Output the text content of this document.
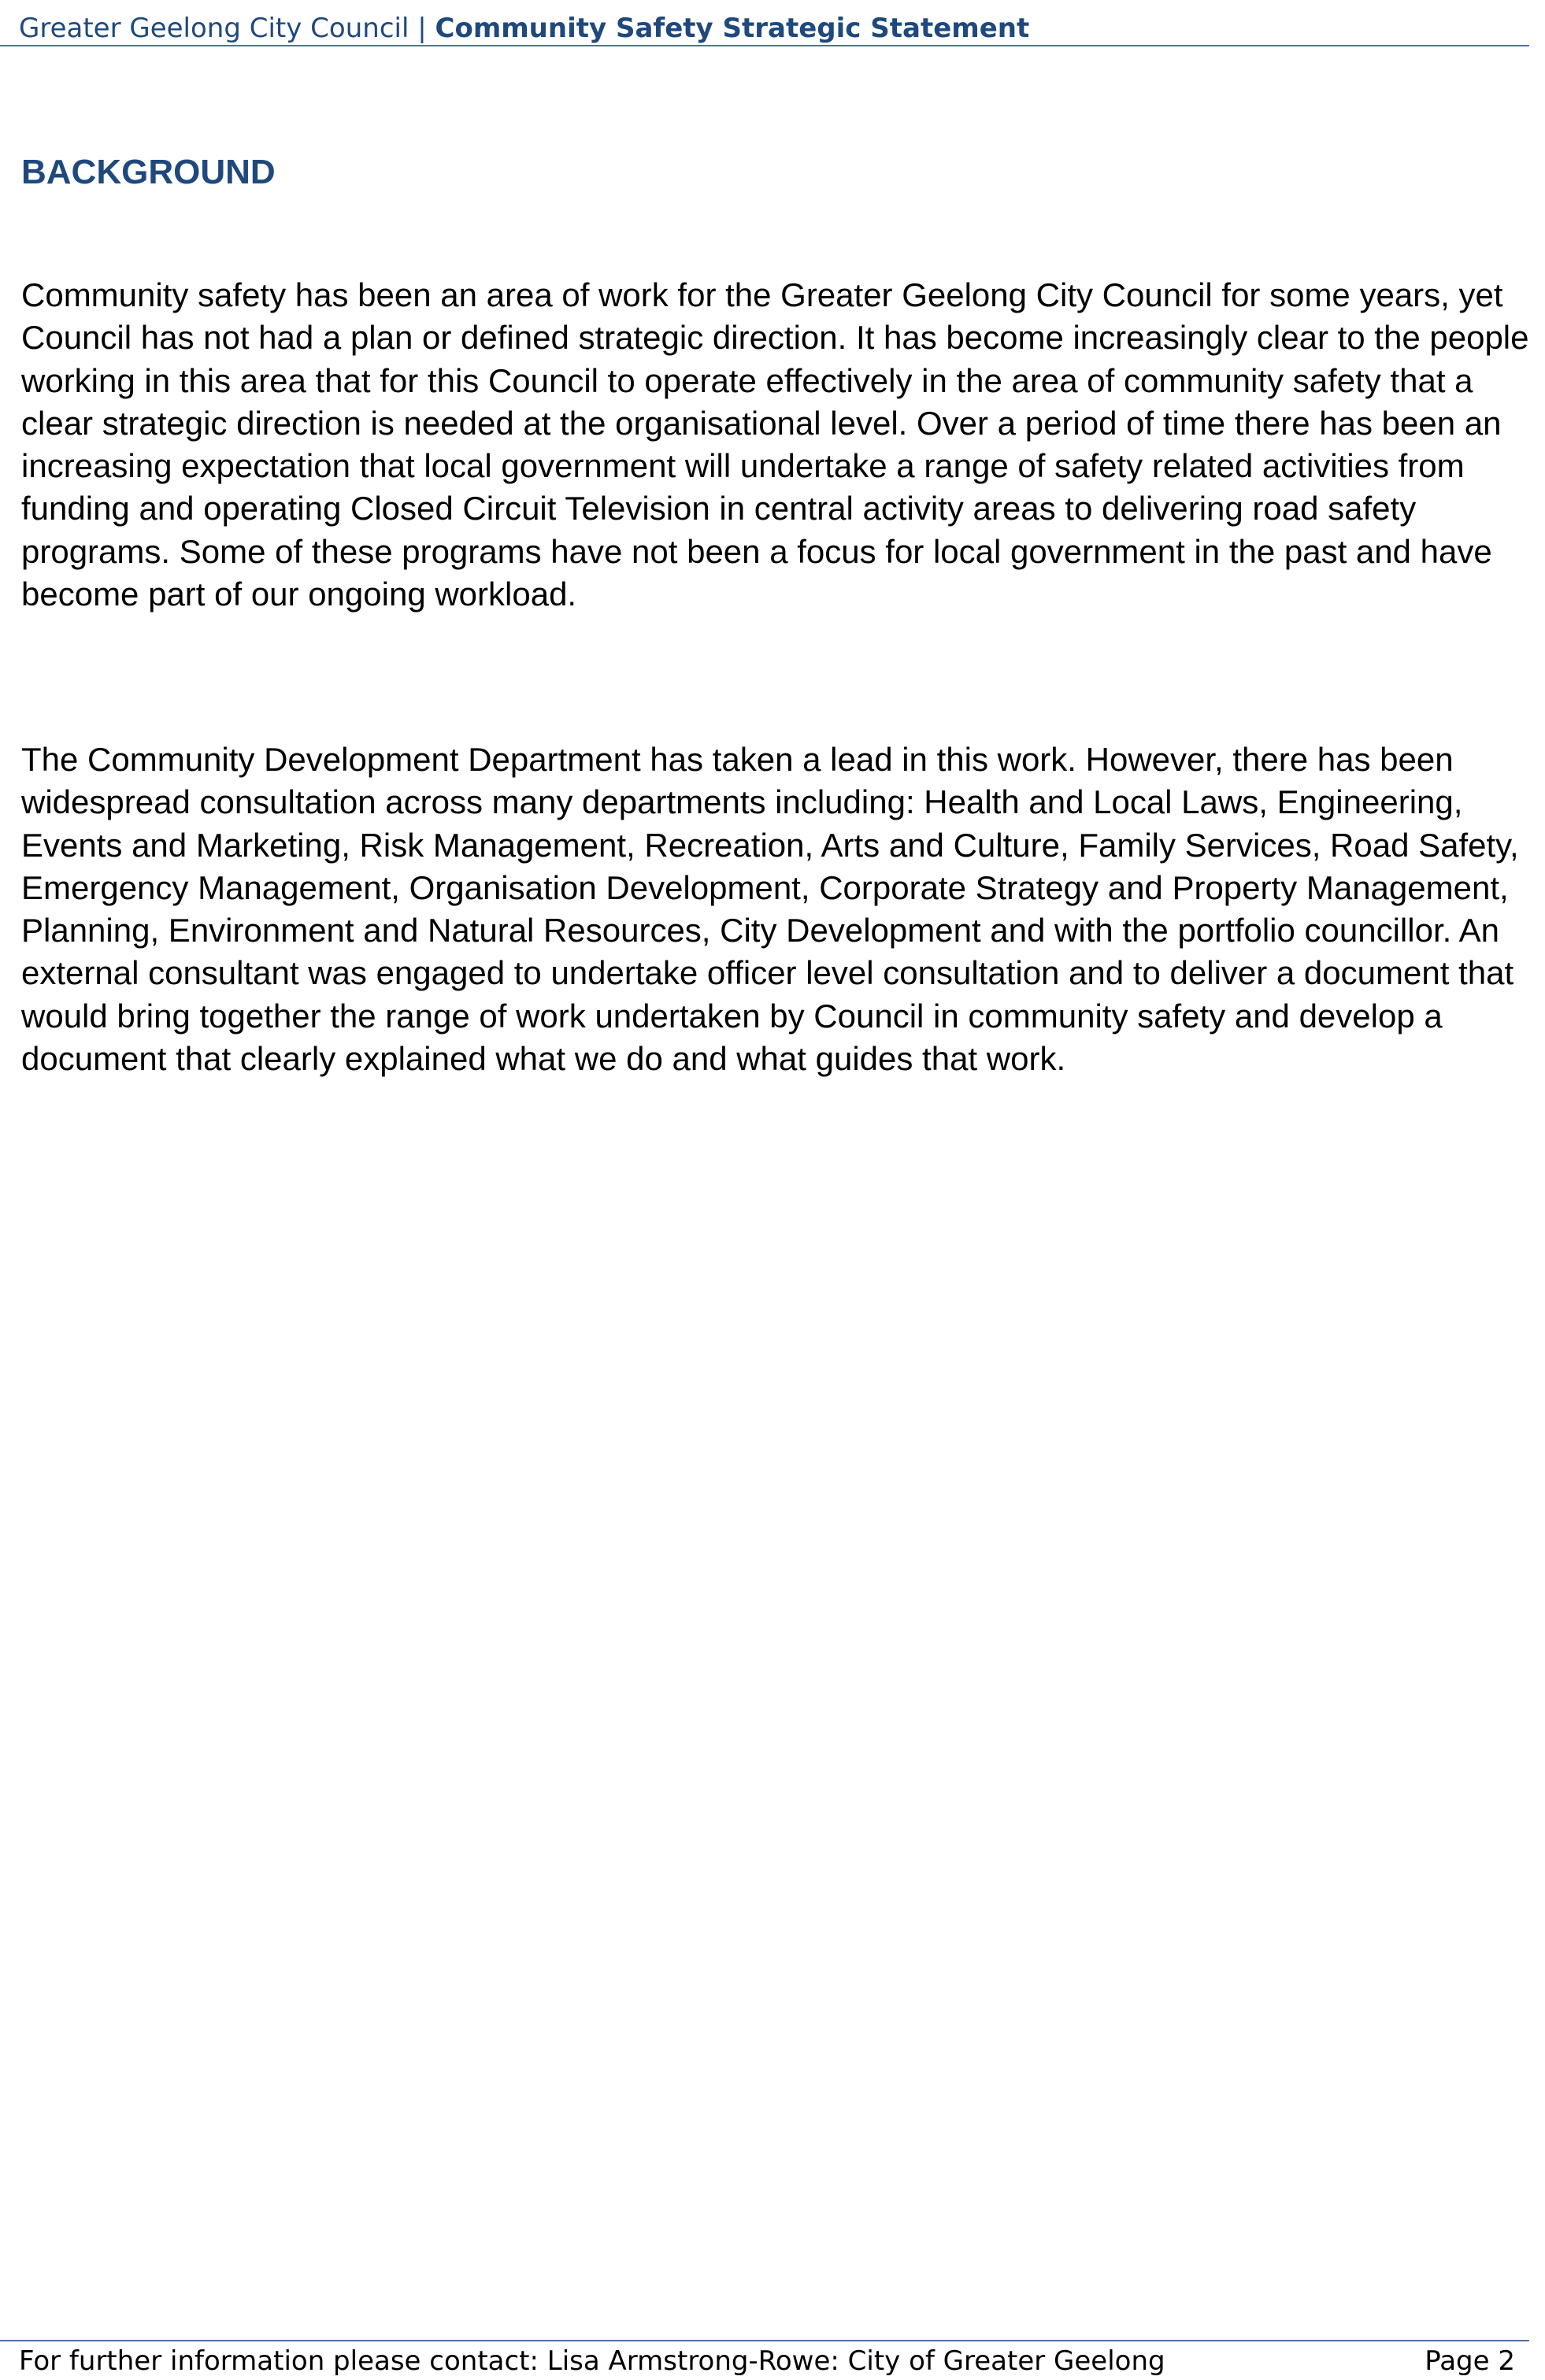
Greater Geelong City Council | Community Safety Strategic Statement
BACKGROUND

Community safety has been an area of work for the Greater Geelong City Council for some years, yet Council has not had a plan or defined strategic direction. It has become increasingly clear to the people working in this area that for this Council to operate effectively in the area of community safety that a clear strategic direction is needed at the organisational level. Over a period of time there has been an increasing expectation that local government will undertake a range of safety related activities from funding and operating Closed Circuit Television in central activity areas to delivering road safety programs. Some of these programs have not been a focus for local government in the past and have become part of our ongoing workload.

The Community Development Department has taken a lead in this work. However, there has been widespread consultation across many departments including: Health and Local Laws, Engineering, Events and Marketing, Risk Management, Recreation, Arts and Culture, Family Services, Road Safety, Emergency Management, Organisation Development, Corporate Strategy and Property Management, Planning, Environment and Natural Resources, City Development and with the portfolio councillor. An external consultant was engaged to undertake officer level consultation and to deliver a document that would bring together the range of work undertaken by Council in community safety and develop a document that clearly explained what we do and what guides that work.

For further information please contact: Lisa Armstrong-Rowe: City of Greater Geelong	Page 2
